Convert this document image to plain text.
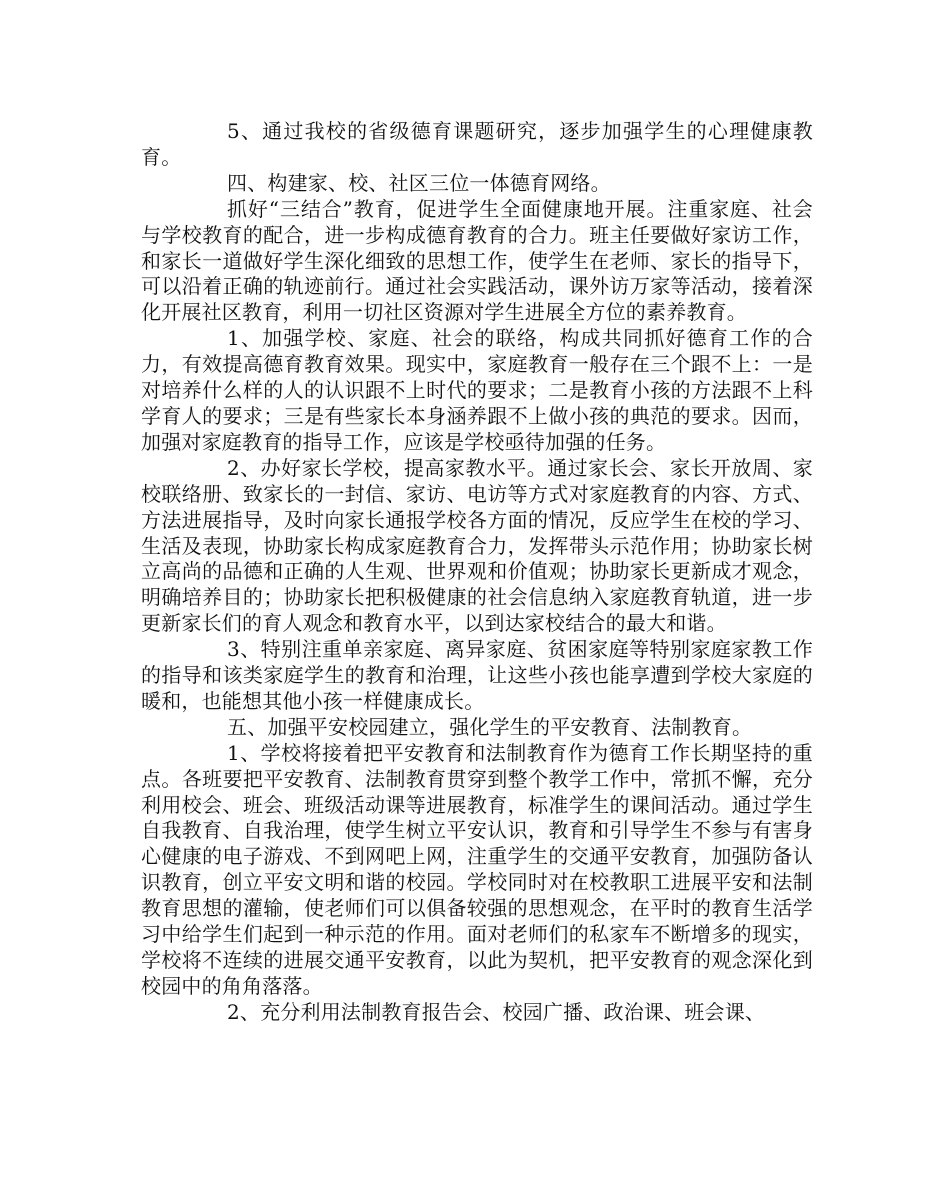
5、通过我校的省级德育课题研究，逐步加强学生的心理健康教育。

四、构建家、校、社区三位一体德育网络。

抓好“三结合”教育，促进学生全面健康地开展。注重家庭、社会与学校教育的配合，进一步构成德育教育的合力。班主任要做好家访工作，和家长一道做好学生深化细致的思想工作，使学生在老师、家长的指导下，可以沿着正确的轨迹前行。通过社会实践活动，课外访万家等活动，接着深化开展社区教育，利用一切社区资源对学生进展全方位的素养教育。

1、加强学校、家庭、社会的联络，构成共同抓好德育工作的合力，有效提高德育教育效果。现实中，家庭教育一般存在三个跟不上：一是对培养什么样的人的认识跟不上时代的要求；二是教育小孩的方法跟不上科学育人的要求；三是有些家长本身涵养跟不上做小孩的典范的要求。因而，加强对家庭教育的指导工作，应该是学校亟待加强的任务。

2、办好家长学校，提高家教水平。通过家长会、家长开放周、家校联络册、致家长的一封信、家访、电访等方式对家庭教育的内容、方式、方法进展指导，及时向家长通报学校各方面的情况，反应学生在校的学习、生活及表现，协助家长构成家庭教育合力，发挥带头示范作用；协助家长树立高尚的品德和正确的人生观、世界观和价值观；协助家长更新成才观念，明确培养目的；协助家长把积极健康的社会信息纳入家庭教育轨道，进一步更新家长们的育人观念和教育水平，以到达家校结合的最大和谐。

3、特别注重单亲家庭、离异家庭、贫困家庭等特别家庭家教工作的指导和该类家庭学生的教育和治理，让这些小孩也能享遭到学校大家庭的暖和，也能想其他小孩一样健康成长。

五、加强平安校园建立，强化学生的平安教育、法制教育。

1、学校将接着把平安教育和法制教育作为德育工作长期坚持的重点。各班要把平安教育、法制教育贯穿到整个教学工作中，常抓不懈，充分利用校会、班会、班级活动课等进展教育，标准学生的课间活动。通过学生自我教育、自我治理，使学生树立平安认识，教育和引导学生不参与有害身心健康的电子游戏、不到网吧上网，注重学生的交通平安教育，加强防备认识教育，创立平安文明和谐的校园。学校同时对在校教职工进展平安和法制教育思想的灌输，使老师们可以俱备较强的思想观念，在平时的教育生活学习中给学生们起到一种示范的作用。面对老师们的私家车不断增多的现实，学校将不连续的进展交通平安教育，以此为契机，把平安教育的观念深化到校园中的角角落落。

2、充分利用法制教育报告会、校园广播、政治课、班会课、
